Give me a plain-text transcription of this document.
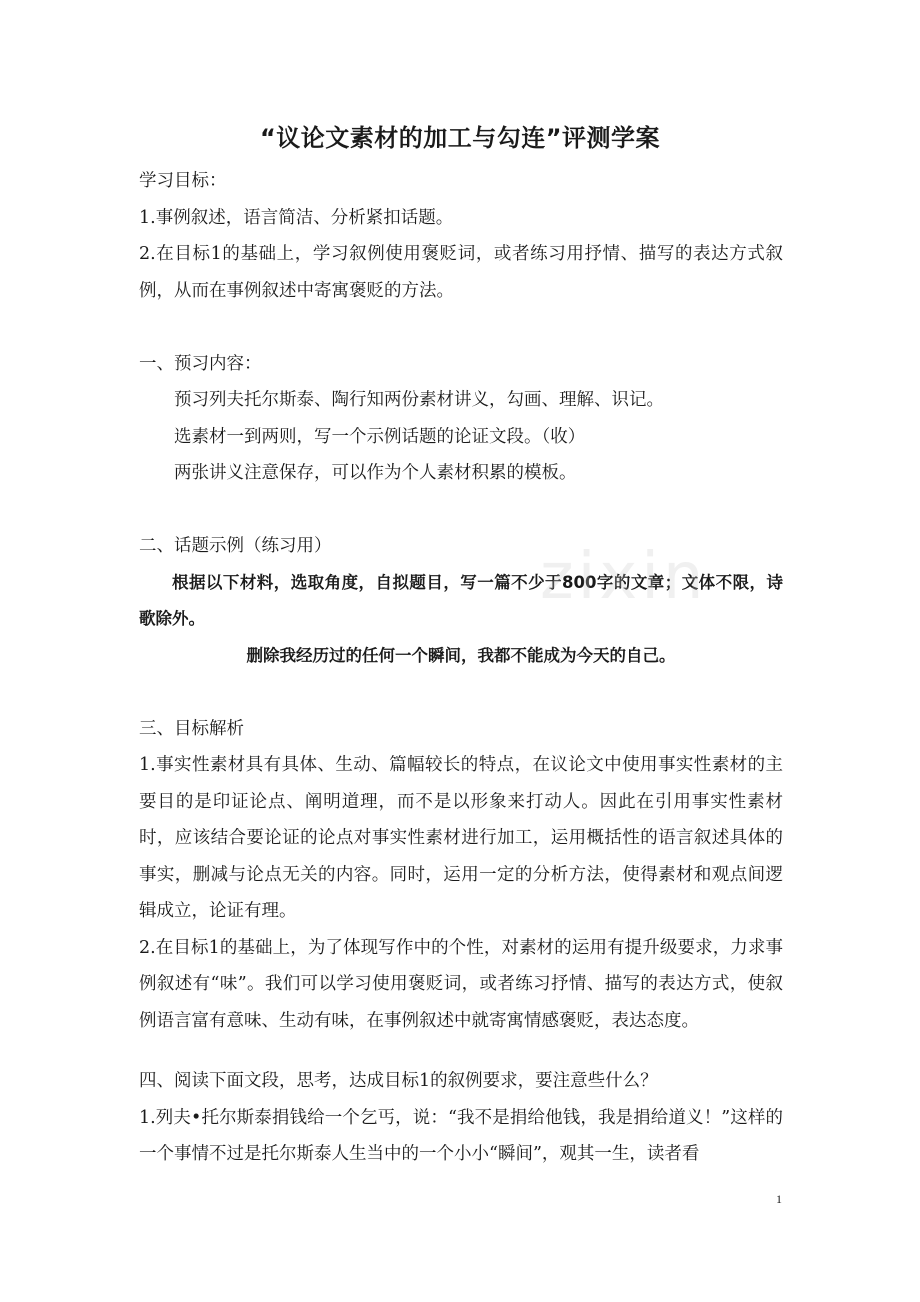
“议论文素材的加工与勾连”评测学案

学习目标：

1.事例叙述，语言简洁、分析紧扣话题。

2.在目标1的基础上，学习叙例使用褒贬词，或者练习用抒情、描写的表达方式叙例，从而在事例叙述中寄寓褒贬的方法。

一、预习内容：

预习列夫托尔斯泰、陶行知两份素材讲义，勾画、理解、识记。

选素材一到两则，写一个示例话题的论证文段。（收）

两张讲义注意保存，可以作为个人素材积累的模板。

二、话题示例（练习用）

根据以下材料，选取角度，自拟题目，写一篇不少于800字的文章；文体不限，诗歌除外。

删除我经历过的任何一个瞬间，我都不能成为今天的自己。

三、目标解析

1.事实性素材具有具体、生动、篇幅较长的特点，在议论文中使用事实性素材的主要目的是印证论点、阐明道理，而不是以形象来打动人。因此在引用事实性素材时，应该结合要论证的论点对事实性素材进行加工，运用概括性的语言叙述具体的事实，删减与论点无关的内容。同时，运用一定的分析方法，使得素材和观点间逻辑成立，论证有理。

2.在目标1的基础上，为了体现写作中的个性，对素材的运用有提升级要求，力求事例叙述有“味”。我们可以学习使用褒贬词，或者练习抒情、描写的表达方式，使叙例语言富有意味、生动有味，在事例叙述中就寄寓情感褒贬，表达态度。

四、阅读下面文段，思考，达成目标1的叙例要求，要注意些什么？

1.列夫•托尔斯泰捐钱给一个乞丐，说：“我不是捐给他钱，我是捐给道义！”这样的一个事情不过是托尔斯泰人生当中的一个小小“瞬间”，观其一生，读者看

zixin
1
